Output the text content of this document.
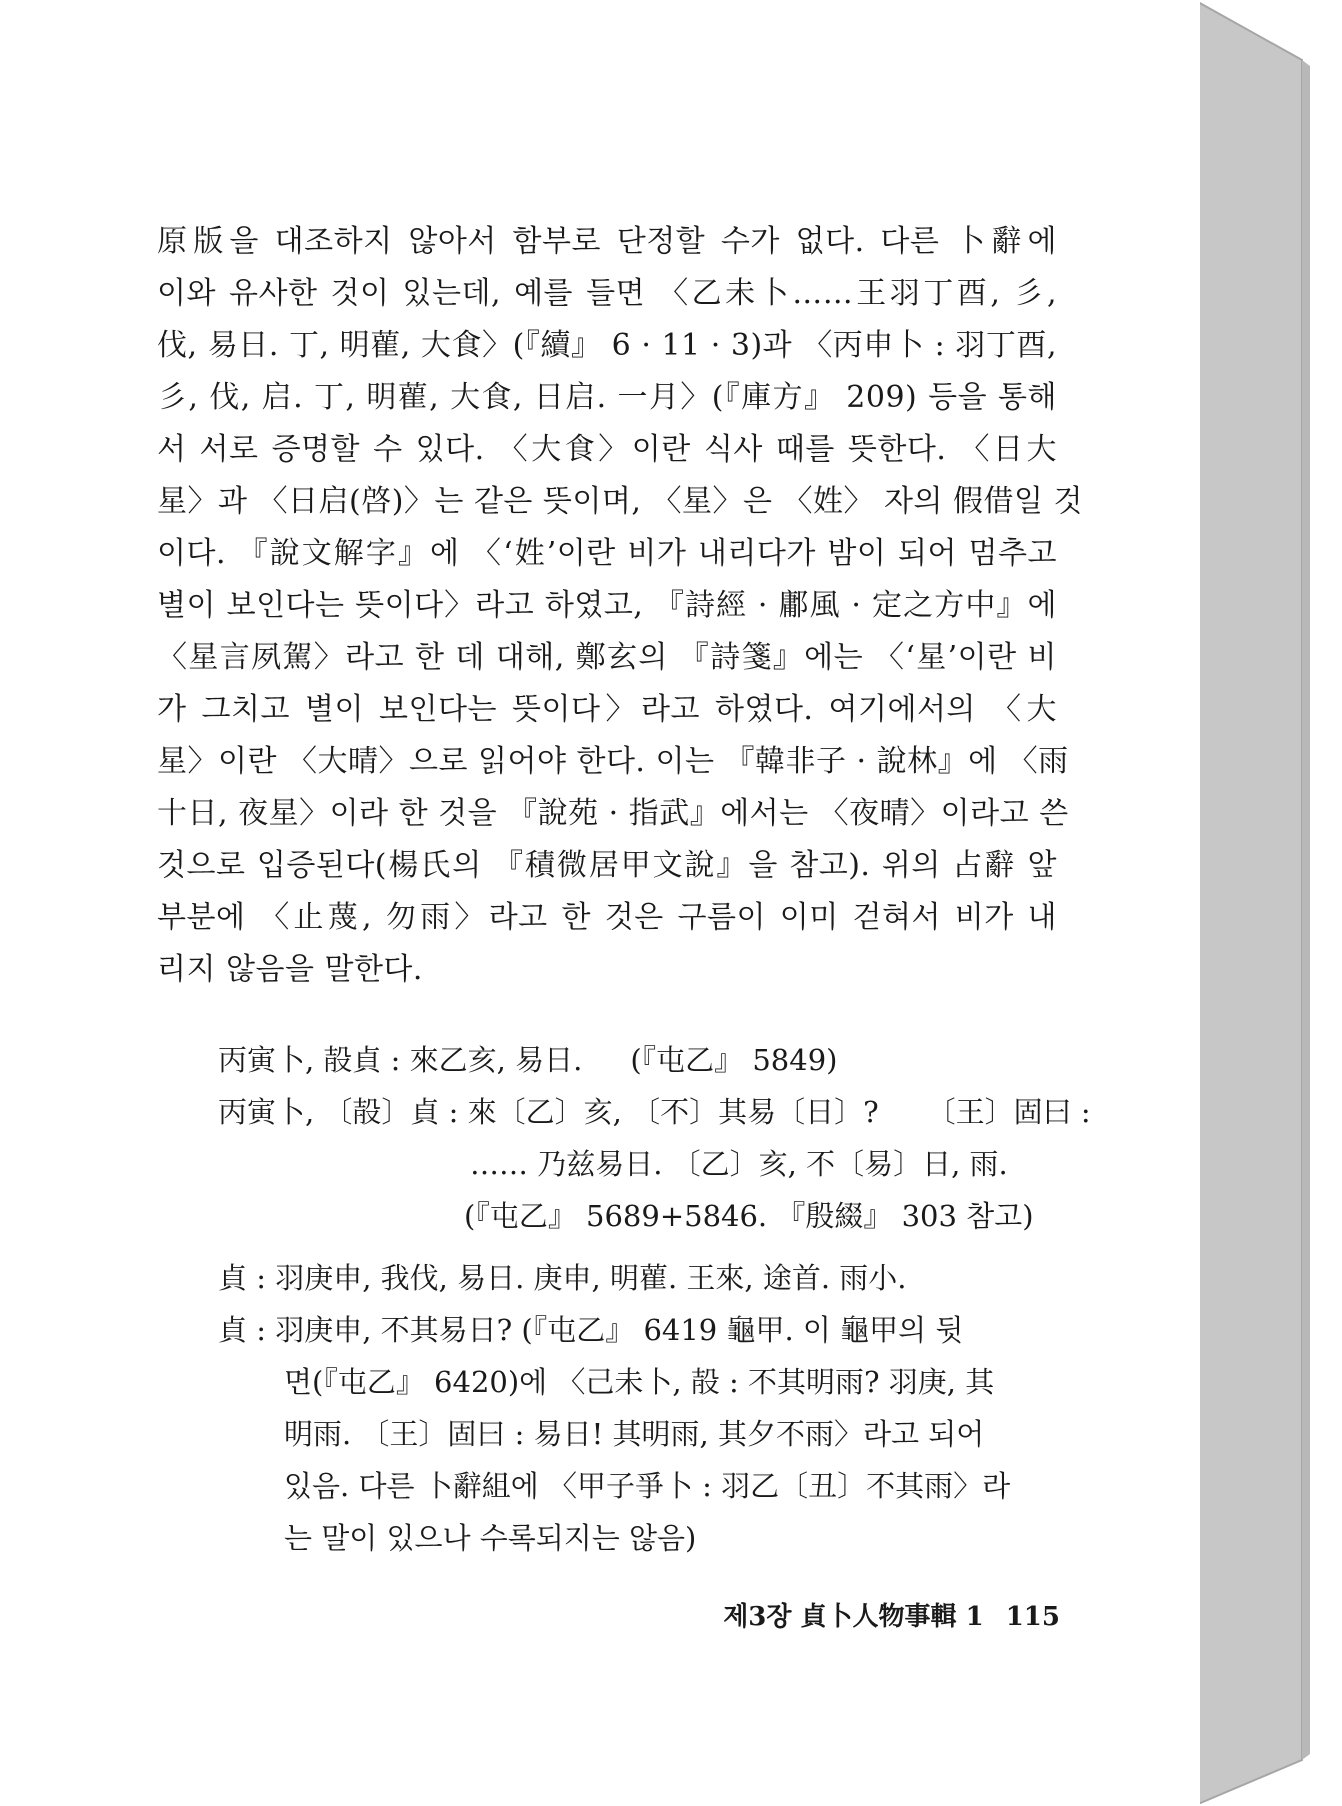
原版을 대조하지 않아서 함부로 단정할 수가 없다. 다른 卜辭에
이와 유사한 것이 있는데, 예를 들면 〈乙未卜……王羽丁酉, 彡,
伐, 易日. 丁, 明雚, 大食〉(『續』 6 · 11 · 3)과 〈丙申卜 : 羽丁酉,
彡, 伐, 启. 丁, 明雚, 大食, 日启. 一月〉(『庫方』 209) 등을 통해
서 서로 증명할 수 있다. 〈大食〉이란 식사 때를 뜻한다. 〈日大
星〉과 〈日启(啓)〉는 같은 뜻이며, 〈星〉은 〈姓〉 자의 假借일 것
이다. 『說文解字』에 〈‘姓’이란 비가 내리다가 밤이 되어 멈추고
별이 보인다는 뜻이다〉라고 하였고, 『詩經 · 鄘風 · 定之方中』에
〈星言夙駕〉라고 한 데 대해, 鄭玄의 『詩箋』에는 〈‘星’이란 비
가 그치고 별이 보인다는 뜻이다〉라고 하였다. 여기에서의 〈大
星〉이란 〈大晴〉으로 읽어야 한다. 이는 『韓非子 · 說林』에 〈雨
十日, 夜星〉이라 한 것을 『說苑 · 指武』에서는 〈夜晴〉이라고 쓴
것으로 입증된다(楊氏의 『積微居甲文說』을 참고). 위의 占辭 앞
부분에 〈止蔑, 勿雨〉라고 한 것은 구름이 이미 걷혀서 비가 내
리지 않음을 말한다.
丙寅卜, 㱿貞 : 來乙亥, 易日. (『屯乙』 5849)
丙寅卜, 〔㱿〕貞 : 來〔乙〕亥, 〔不〕其易〔日〕? 〔王〕固曰 :
…… 乃兹易日. 〔乙〕亥, 不〔易〕日, 雨.
(『屯乙』 5689+5846. 『殷綴』 303 참고)
貞 : 羽庚申, 我伐, 易日. 庚申, 明雚. 王來, 途首. 雨小.
貞 : 羽庚申, 不其易日? (『屯乙』 6419 龜甲. 이 龜甲의 뒷
면(『屯乙』 6420)에 〈己未卜, 㱿 : 不其明雨? 羽庚, 其
明雨. 〔王〕固曰 : 易日! 其明雨, 其夕不雨〉라고 되어
있음. 다른 卜辭組에 〈甲子爭卜 : 羽乙〔丑〕不其雨〉라
는 말이 있으나 수록되지는 않음)
제3장 貞卜人物事輯 1 115
